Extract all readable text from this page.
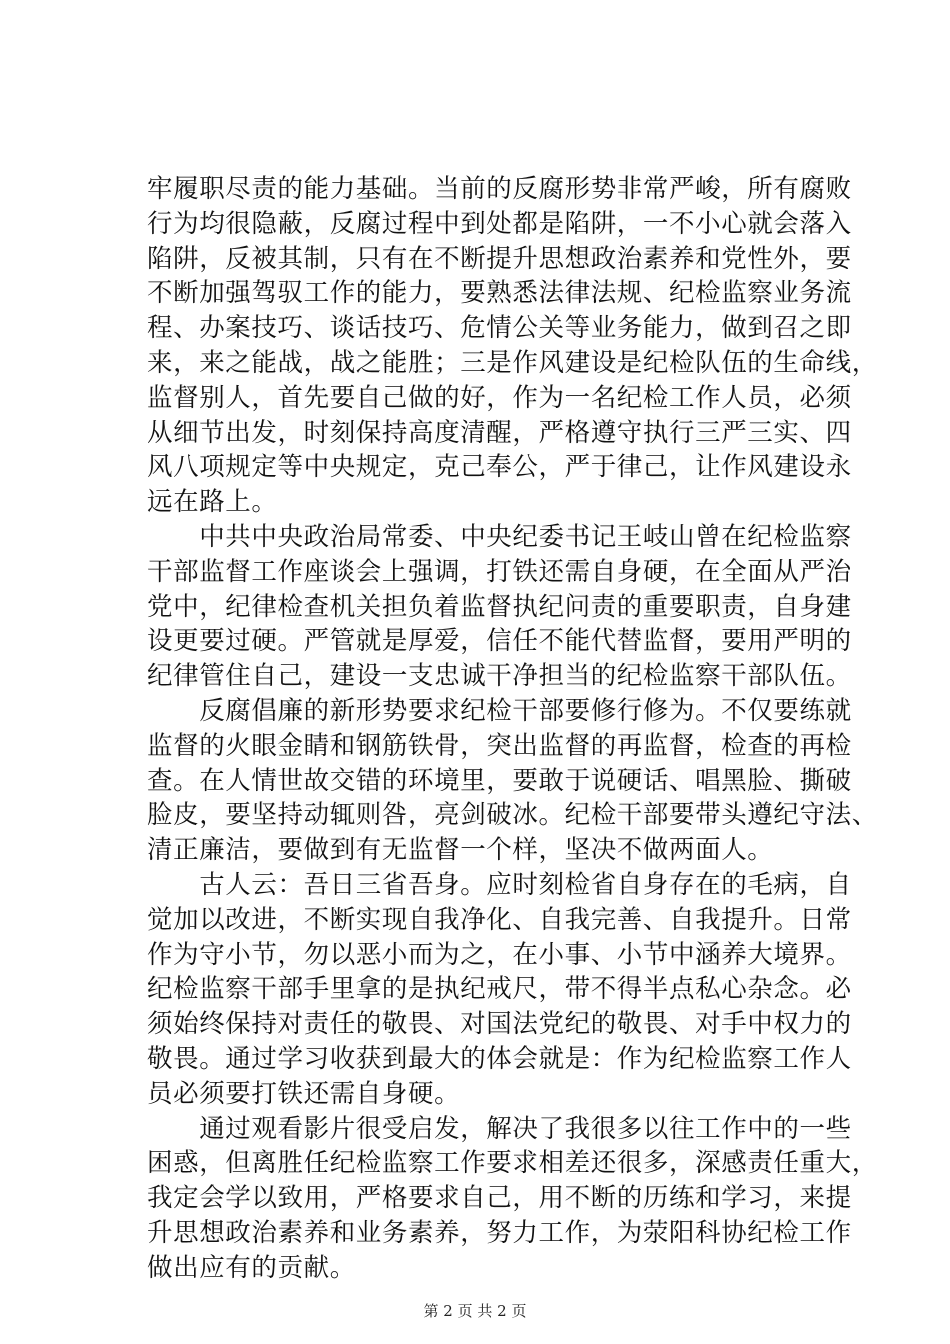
牢履职尽责的能力基础。当前的反腐形势非常严峻，所有腐败
行为均很隐蔽，反腐过程中到处都是陷阱，一不小心就会落入
陷阱，反被其制，只有在不断提升思想政治素养和党性外，要
不断加强驾驭工作的能力，要熟悉法律法规、纪检监察业务流
程、办案技巧、谈话技巧、危情公关等业务能力，做到召之即
来，来之能战，战之能胜；三是作风建设是纪检队伍的生命线，
监督别人，首先要自己做的好，作为一名纪检工作人员，必须
从细节出发，时刻保持高度清醒，严格遵守执行三严三实、四
风八项规定等中央规定，克己奉公，严于律己，让作风建设永
远在路上。
　　中共中央政治局常委、中央纪委书记王岐山曾在纪检监察
干部监督工作座谈会上强调，打铁还需自身硬，在全面从严治
党中，纪律检查机关担负着监督执纪问责的重要职责，自身建
设更要过硬。严管就是厚爱，信任不能代替监督，要用严明的
纪律管住自己，建设一支忠诚干净担当的纪检监察干部队伍。
　　反腐倡廉的新形势要求纪检干部要修行修为。不仅要练就
监督的火眼金睛和钢筋铁骨，突出监督的再监督，检查的再检
查。在人情世故交错的环境里，要敢于说硬话、唱黑脸、撕破
脸皮，要坚持动辄则咎，亮剑破冰。纪检干部要带头遵纪守法、
清正廉洁，要做到有无监督一个样，坚决不做两面人。
　　古人云：吾日三省吾身。应时刻检省自身存在的毛病，自
觉加以改进，不断实现自我净化、自我完善、自我提升。日常
作为守小节，勿以恶小而为之，在小事、小节中涵养大境界。
纪检监察干部手里拿的是执纪戒尺，带不得半点私心杂念。必
须始终保持对责任的敬畏、对国法党纪的敬畏、对手中权力的
敬畏。通过学习收获到最大的体会就是：作为纪检监察工作人
员必须要打铁还需自身硬。
　　通过观看影片很受启发，解决了我很多以往工作中的一些
困惑，但离胜任纪检监察工作要求相差还很多，深感责任重大，
我定会学以致用，严格要求自己，用不断的历练和学习，来提
升思想政治素养和业务素养，努力工作，为荥阳科协纪检工作
做出应有的贡献。
第 2 页 共 2 页
